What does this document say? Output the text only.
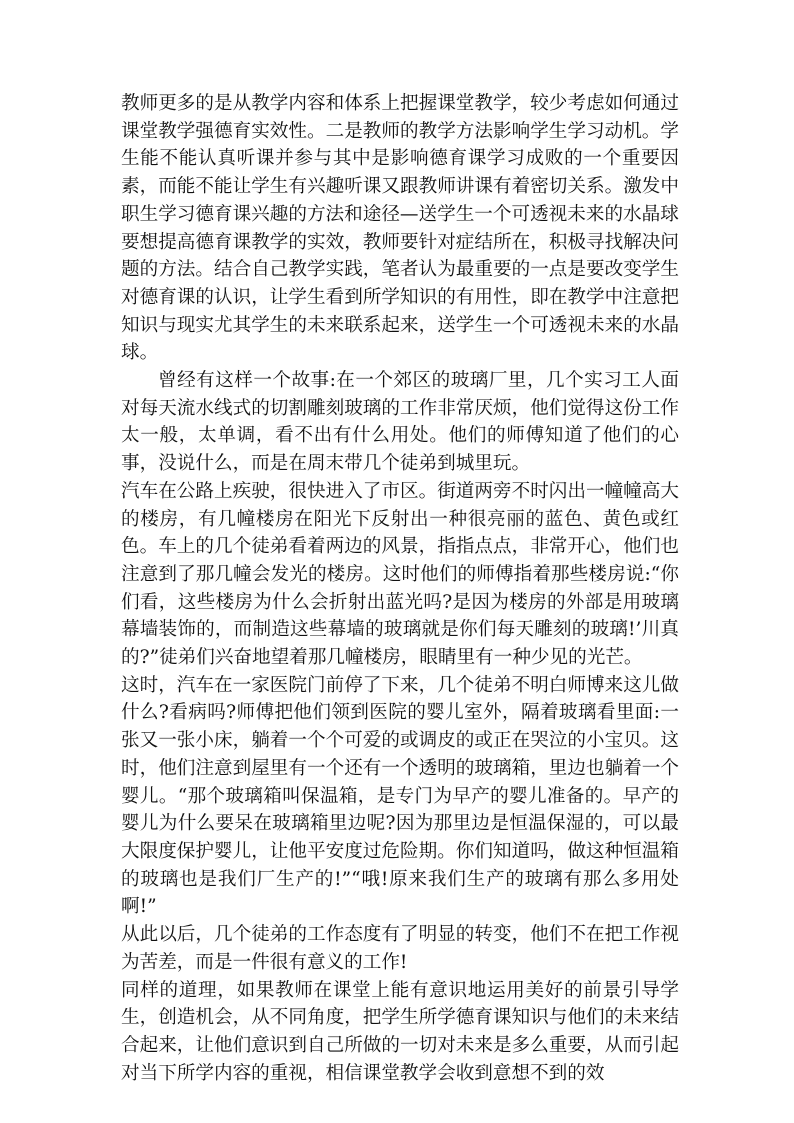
教师更多的是从教学内容和体系上把握课堂教学，较少考虑如何通过课堂教学强德育实效性。二是教师的教学方法影响学生学习动机。学生能不能认真听课并参与其中是影响德育课学习成败的一个重要因素，而能不能让学生有兴趣听课又跟教师讲课有着密切关系。激发中职生学习德育课兴趣的方法和途径—送学生一个可透视未来的水晶球

要想提高德育课教学的实效，教师要针对症结所在，积极寻找解决问题的方法。结合自己教学实践，笔者认为最重要的一点是要改变学生对德育课的认识，让学生看到所学知识的有用性，即在教学中注意把知识与现实尤其学生的未来联系起来，送学生一个可透视未来的水晶球。

曾经有这样一个故事:在一个郊区的玻璃厂里，几个实习工人面对每天流水线式的切割雕刻玻璃的工作非常厌烦，他们觉得这份工作太一般，太单调，看不出有什么用处。他们的师傅知道了他们的心事，没说什么，而是在周末带几个徒弟到城里玩。

汽车在公路上疾驶，很快进入了市区。街道两旁不时闪出一幢幢高大的楼房，有几幢楼房在阳光下反射出一种很亮丽的蓝色、黄色或红色。车上的几个徒弟看着两边的风景，指指点点，非常开心，他们也注意到了那几幢会发光的楼房。这时他们的师傅指着那些楼房说:“你们看，这些楼房为什么会折射出蓝光吗?是因为楼房的外部是用玻璃幕墙装饰的，而制造这些幕墙的玻璃就是你们每天雕刻的玻璃!’川真的?”徒弟们兴奋地望着那几幢楼房，眼睛里有一种少见的光芒。

这时，汽车在一家医院门前停了下来，几个徒弟不明白师博来这儿做什么?看病吗?师傅把他们领到医院的婴儿室外，隔着玻璃看里面:一张又一张小床，躺着一个个可爱的或调皮的或正在哭泣的小宝贝。这时，他们注意到屋里有一个还有一个透明的玻璃箱，里边也躺着一个婴儿。“那个玻璃箱叫保温箱，是专门为早产的婴儿准备的。早产的婴儿为什么要呆在玻璃箱里边呢?因为那里边是恒温保湿的，可以最大限度保护婴儿，让他平安度过危险期。你们知道吗，做这种恒温箱的玻璃也是我们厂生产的!”“哦!原来我们生产的玻璃有那么多用处啊!”

从此以后，几个徒弟的工作态度有了明显的转变，他们不在把工作视为苦差，而是一件很有意义的工作!

同样的道理，如果教师在课堂上能有意识地运用美好的前景引导学生，创造机会，从不同角度，把学生所学德育课知识与他们的未来结合起来，让他们意识到自己所做的一切对未来是多么重要，从而引起对当下所学内容的重视，相信课堂教学会收到意想不到的效
